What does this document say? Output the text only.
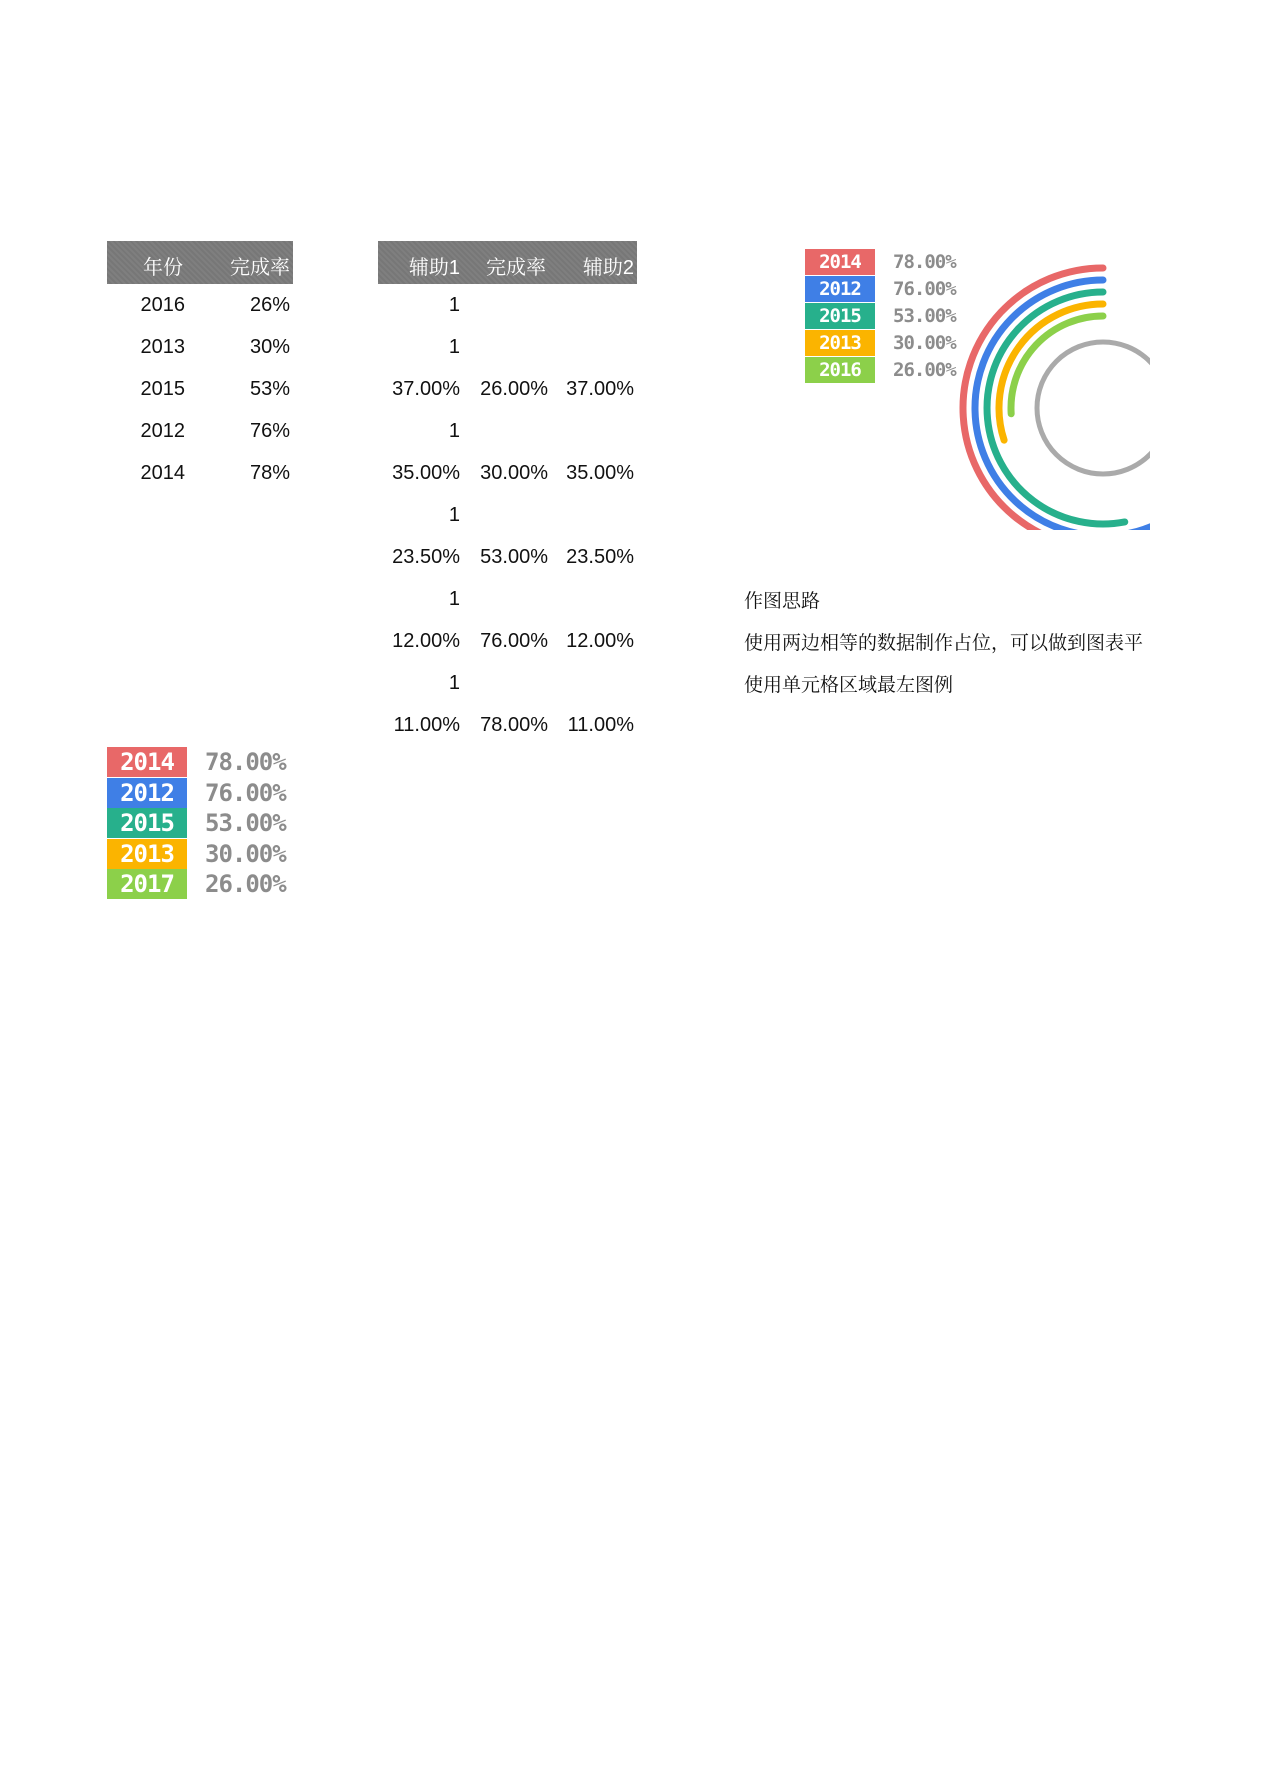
年份	完成率
2016	26%
2013	30%
2015	53%
2012	76%
2014	78%
辅助1	完成率	辅助2
1
1
37.00%	26.00% 37.00%
1
35.00%	30.00% 35.00%
1
23.50%	53.00% 23.50%
1
12.00%	76.00% 12.00%
1
11.00%	78.00% 11.00%
2014	78.00%
2012	76.00%
2015	53.00%
2013	30.00%
2017	26.00%
2014	78.00%
2012	76.00%
2015	53.00%
2013	30.00%
2016	26.00%
作图思路
使用两边相等的数据制作占位，可以做到图表平
使用单元格区域最左图例
